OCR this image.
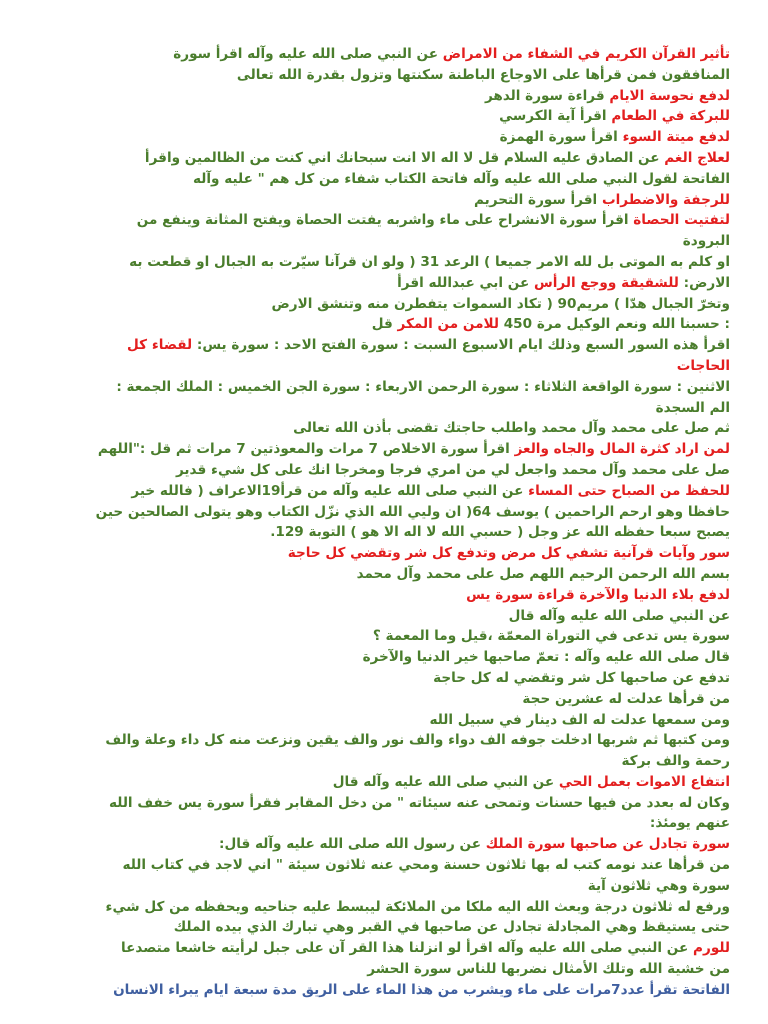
تأثير القرآن الكريم في الشفاء من الامراض عن النبي صلى الله عليه وآله اقرأ سورة

المنافقون فمن قرأها على الاوجاع الباطنة سكنتها وتزول بقدرة الله تعالى

لدفع نحوسة الايام قراءة سورة الدهر

للبركة في الطعام اقرأ آية الكرسي

لدفع ميتة السوء اقرأ سورة الهمزة

لعلاج الغم عن الصادق عليه السلام قل لا اله الا انت سبحانك اني كنت من الظالمين واقرأ

الفاتحة لقول النبي صلى الله عليه وآله فاتحة الكتاب شفاء من كل هم " عليه وآله

للرجفة والاضطراب اقرأ سورة التحريم

لتفتيت الحصاة اقرأ سورة الانشراح على ماء واشربه يفتت الحصاة ويفتح المثانة وينفع من

البرودة

او كلم به الموتى بل لله الامر جميعا ) الرعد 31 ( ولو ان قرآنا سيّرت به الجبال او قطعت به

الارض: للشقيقة ووجع الرأس عن ابي عبدالله اقرأ

وتخرّ الجبال هدّا ) مريم90 ( تكاد السموات يتفطرن منه وتنشق الارض

: حسبنا الله ونعم الوكيل مرة 450 للامن من المكر قل

اقرأ هذه السور السبع وذلك ايام الاسبوع السبت : سورة الفتح الاحد : سورة يس: لقضاء كل

الحاجات

الاثنين : سورة الواقعة الثلاثاء : سورة الرحمن الاربعاء : سورة الجن الخميس : الملك الجمعة :

الم السجدة

ثم صل على محمد وآل محمد واطلب حاجتك تقضى بأذن الله تعالى

لمن اراد كثرة المال والجاه والعز اقرأ سورة الاخلاص 7 مرات والمعوذتين 7 مرات ثم قل :"اللهم

صل على محمد وآل محمد واجعل لي من امري فرجا ومخرجا انك على كل شيء قدير

للحفظ من الصباح حتى المساء عن النبي صلى الله عليه وآله من قرأ19الاعراف ( فالله خير

حافظا وهو ارحم الراحمين ) يوسف 64( ان وليي الله الذي نزّل الكتاب وهو يتولى الصالحين حين

يصبح سبعا حفظه الله عز وجل ( حسبي الله لا اله الا هو ) التوبة 129.

سور وآيات قرآنية تشفي كل مرض وتدفع كل شر وتقضي كل حاجة

بسم الله الرحمن الرحيم اللهم صل على محمد وآل محمد

لدفع بلاء الدنيا والآخرة قراءة سورة يس

عن النبي صلى الله عليه وآله قال

سورة يس تدعى في التوراة المعمّة ،قيل وما المعمة ؟

قال صلى الله عليه وآله : تعمّ صاحبها خير الدنيا والآخرة

تدفع عن صاحبها كل شر وتقضي له كل حاجة

من قرأها عدلت له عشرين حجة

ومن سمعها عدلت له الف دينار في سبيل الله

ومن كتبها ثم شربها ادخلت جوفه الف دواء والف نور والف يقين ونزعت منه كل داء وعلة والف

رحمة والف بركة

انتفاع الاموات بعمل الحي عن النبي صلى الله عليه وآله قال

وكان له بعدد من فيها حسنات وتمحى عنه سيئاته " من دخل المقابر فقرأ سورة يس خفف الله

عنهم يومئذ:

سورة تجادل عن صاحبها سورة الملك عن رسول الله صلى الله عليه وآله قال:

من قرأها عند نومه كتب له بها ثلاثون حسنة ومحي عنه ثلاثون سيئة " اني لاجد في كتاب الله

سورة وهي ثلاثون آية

ورفع له ثلاثون درجة وبعث الله اليه ملكا من الملائكة ليبسط عليه جناحيه ويحفظه من كل شيء

حتى يستيقظ وهي المجادلة تجادل عن صاحبها في القبر وهي تبارك الذي بيده الملك

للورم عن النبي صلى الله عليه وآله اقرأ لو انزلنا هذا القر آن على جبل لرأيته خاشعا متصدعا

من خشية الله وتلك الأمثال نضربها للناس سورة الحشر

الفاتحة تقرأ عدد7مرات على ماء ويشرب من هذا الماء على الريق مدة سبعة ايام يبراء الانسان
